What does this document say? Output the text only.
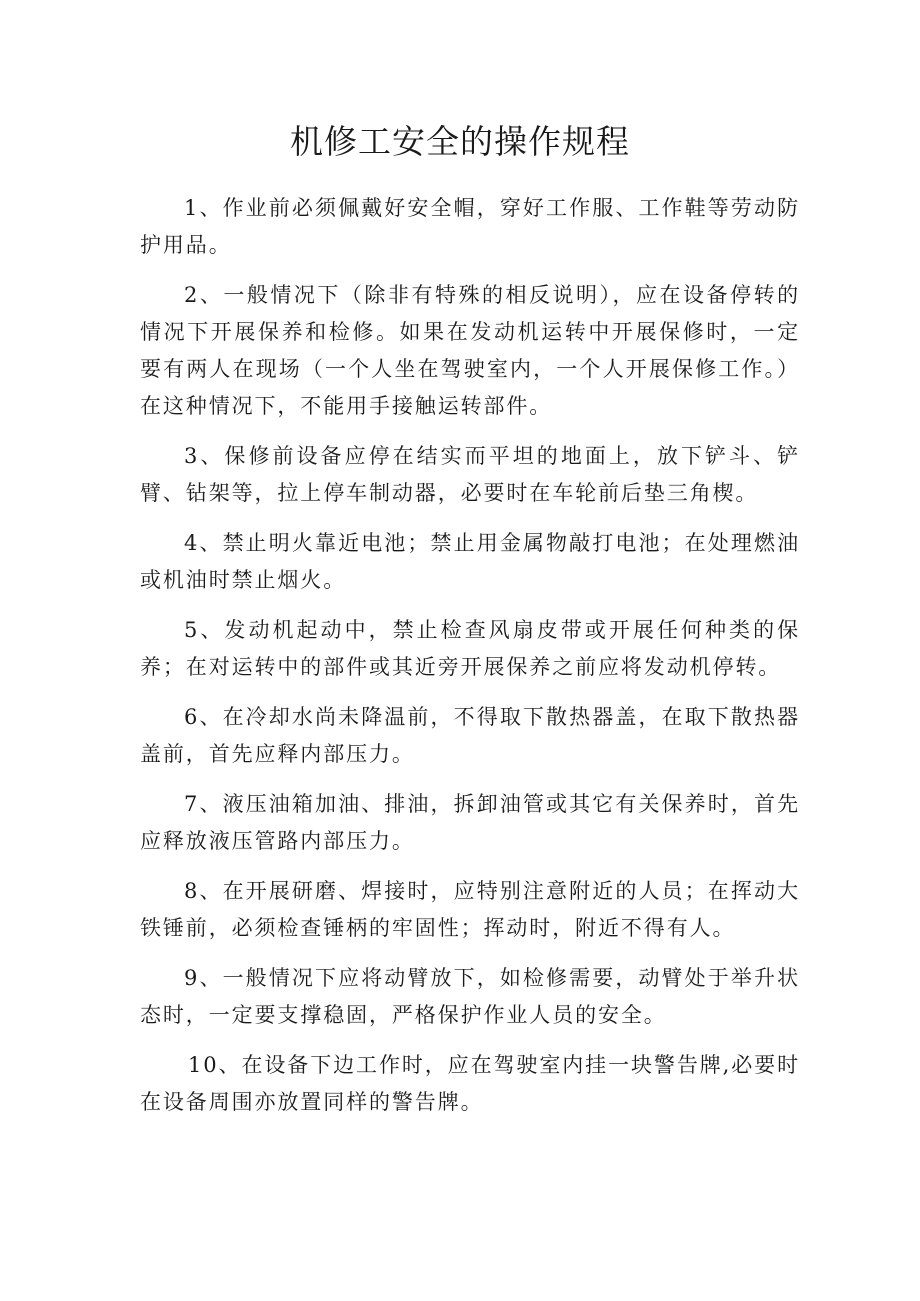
机修工安全的操作规程

1、作业前必须佩戴好安全帽，穿好工作服、工作鞋等劳动防护用品。

2、一般情况下（除非有特殊的相反说明），应在设备停转的情况下开展保养和检修。如果在发动机运转中开展保修时，一定要有两人在现场（一个人坐在驾驶室内，一个人开展保修工作。）在这种情况下，不能用手接触运转部件。

3、保修前设备应停在结实而平坦的地面上，放下铲斗、铲臂、钻架等，拉上停车制动器，必要时在车轮前后垫三角楔。

4、禁止明火靠近电池；禁止用金属物敲打电池；在处理燃油或机油时禁止烟火。

5、发动机起动中，禁止检查风扇皮带或开展任何种类的保养；在对运转中的部件或其近旁开展保养之前应将发动机停转。

6、在冷却水尚未降温前，不得取下散热器盖，在取下散热器盖前，首先应释内部压力。

7、液压油箱加油、排油，拆卸油管或其它有关保养时，首先应释放液压管路内部压力。

8、在开展研磨、焊接时，应特别注意附近的人员；在挥动大铁锤前，必须检查锤柄的牢固性；挥动时，附近不得有人。

9、一般情况下应将动臂放下，如检修需要，动臂处于举升状态时，一定要支撑稳固，严格保护作业人员的安全。

10、在设备下边工作时，应在驾驶室内挂一块警告牌,必要时在设备周围亦放置同样的警告牌。
